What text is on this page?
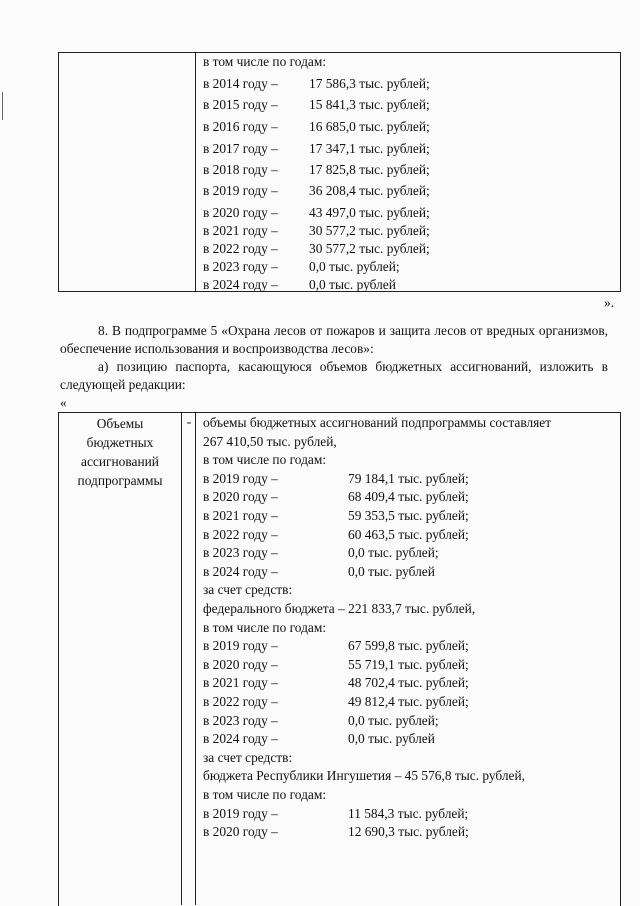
в том числе по годам:
в 2014 году – 17 586,3 тыс. рублей;
в 2015 году – 15 841,3 тыс. рублей;
в 2016 году – 16 685,0 тыс. рублей;
в 2017 году – 17 347,1 тыс. рублей;
в 2018 году – 17 825,8 тыс. рублей;
в 2019 году – 36 208,4 тыс. рублей;
в 2020 году – 43 497,0 тыс. рублей;
в 2021 году – 30 577,2 тыс. рублей;
в 2022 году – 30 577,2 тыс. рублей;
в 2023 году – 0,0 тыс. рублей;
в 2024 году – 0,0 тыс. рублей
».
8. В подпрограмме 5 «Охрана лесов от пожаров и защита лесов от вредных организмов, обеспечение использования и воспроизводства лесов»:
а) позицию паспорта, касающуюся объемов бюджетных ассигнований, изложить в следующей редакции:
«
Объемы
бюджетных
ассигнований
подпрограммы
- объемы бюджетных ассигнований подпрограммы составляет
267 410,50 тыс. рублей,
в том числе по годам:
в 2019 году –	79 184,1 тыс. рублей;
в 2020 году –	68 409,4 тыс. рублей;
в 2021 году –	59 353,5 тыс. рублей;
в 2022 году –	60 463,5 тыс. рублей;
в 2023 году –	0,0 тыс. рублей;
в 2024 году –	0,0 тыс. рублей
за счет средств:
федерального бюджета – 221 833,7 тыс. рублей,
в том числе по годам:
в 2019 году –	67 599,8 тыс. рублей;
в 2020 году –	55 719,1 тыс. рублей;
в 2021 году –	48 702,4 тыс. рублей;
в 2022 году –	49 812,4 тыс. рублей;
в 2023 году –	0,0 тыс. рублей;
в 2024 году –	0,0 тыс. рублей
за счет средств:
бюджета Республики Ингушетия – 45 576,8 тыс. рублей,
в том числе по годам:
в 2019 году –	11 584,3 тыс. рублей;
в 2020 году –	12 690,3 тыс. рублей;
